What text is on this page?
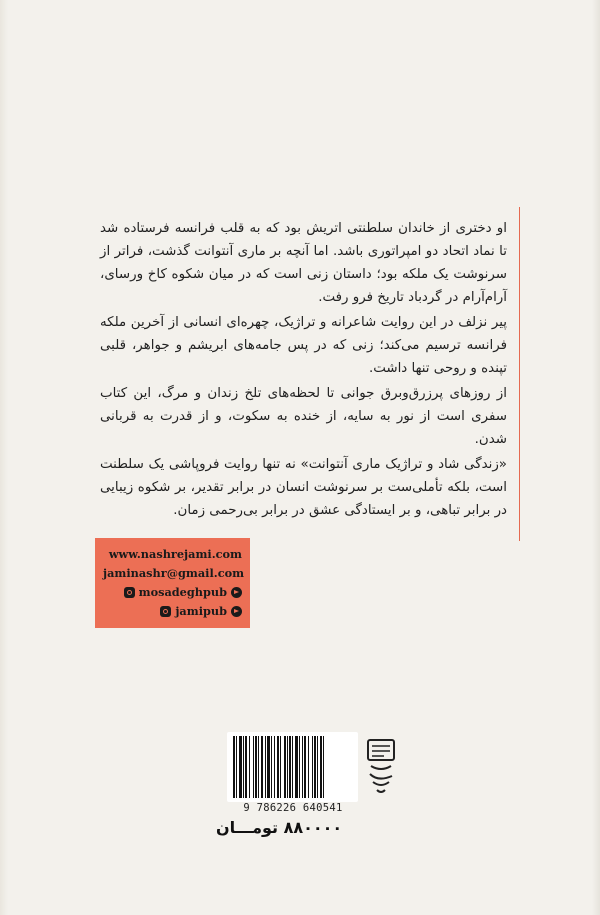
او دختری از خاندان سلطنتی اتریش بود که به قلب فرانسه فرستاده شد تا نماد اتحاد دو امپراتوری باشد. اما آنچه بر ماری آنتوانت گذشت، فراتر از سرنوشت یک ملکه بود؛ داستان زنی است که در میان شکوه کاخ ورسای، آرام‌آرام در گردباد تاریخ فرو رفت.

پیر نزلف در این روایت شاعرانه و تراژیک، چهره‌ای انسانی از آخرین ملکه فرانسه ترسیم می‌کند؛ زنی که در پس جامه‌های ابریشم و جواهر، قلبی تپنده و روحی تنها داشت.

از روزهای پرزرق‌وبرق جوانی تا لحظه‌های تلخ زندان و مرگ، این کتاب سفری است از نور به سایه، از خنده به سکوت، و از قدرت به قربانی شدن.

«زندگی شاد و تراژیک ماری آنتوانت» نه تنها روایت فروپاشی یک سلطنت است، بلکه تأملی‌ست بر سرنوشت انسان در برابر تقدیر، بر شکوه زیبایی در برابر تباهی، و بر ایستادگی عشق در برابر بی‌رحمی زمان.

www.nashrejami.com
jaminashr@gmail.com
mosadeghpub
jamipub
9 786226 640541
۸۸۰۰۰۰ تومـــان
